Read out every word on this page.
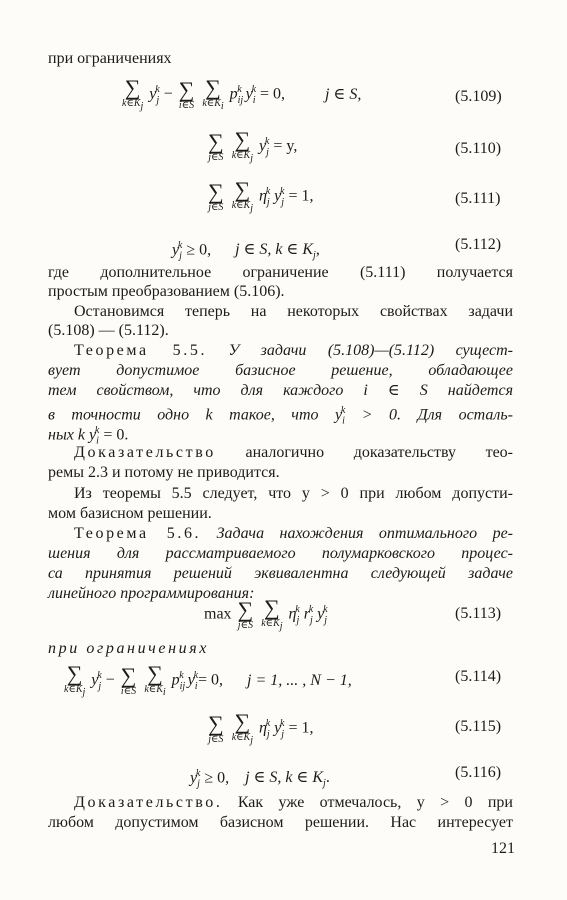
при ограничениях
∑
$k\in K_j$
$y_j^k$ − ∑
i∈S

∑
$k\in K_i$
$p_{ij}^k$ $y_i^k = 0$,	j ∈ S,	(5.109)
∑
j∈S

∑
$k\in K_j$
$y_j^k = y$,	(5.110)
∑
j∈S

∑
$k\in K_j$
$\eta_j^k$ $y_j^k = 1$,	(5.111)
$y_j^k \ge 0$, j ∈ S, k ∈ $K_j$,	(5.112)
где дополнительное ограничение (5.111) получается
простым преобразованием (5.106).
Остановимся теперь на некоторых свойствах задачи
(5.108) — (5.112).
Теорема 5.5. У задачи (5.108)—(5.112) сущест-
вует допустимое базисное решение, обладающее
тем свойством, что для каждого i ∈ S найдется
в точности одно k такое, что $y_i^k > 0$. Для осталь-
ных k $y_i^k = 0$.
Доказательство аналогично доказательству тео-
ремы 2.3 и потому не приводится.
Из теоремы 5.5 следует, что y > 0 при любом допусти-
мом базисном решении.
Теорема 5.6. Задача нахождения оптимального ре-
шения для рассматриваемого полумарковского процес-
са принятия решений эквивалентна следующей задаче
линейного программирования:
max ∑
j∈S

∑
$k\in K_j$
$\eta_j^k$ $r_j^k$ $y_j^k$	(5.113)
при ограничениях
∑
$k\in K_j$
$y_j^k$ − ∑
i∈S

∑
$k\in K_i$
$p_{ij}^k$ $y_i^k= 0$, j = 1, ... , N − 1,	(5.114)
∑
j∈S

∑
$k\in K_j$
$\eta_j^k$ $y_j^k = 1$,	(5.115)
$y_j^k \ge 0$, j ∈ S, k ∈ $K_j$.	(5.116)
Доказательство. Как уже отмечалось, y > 0 при
любом допустимом базисном решении. Нас интересует
121
